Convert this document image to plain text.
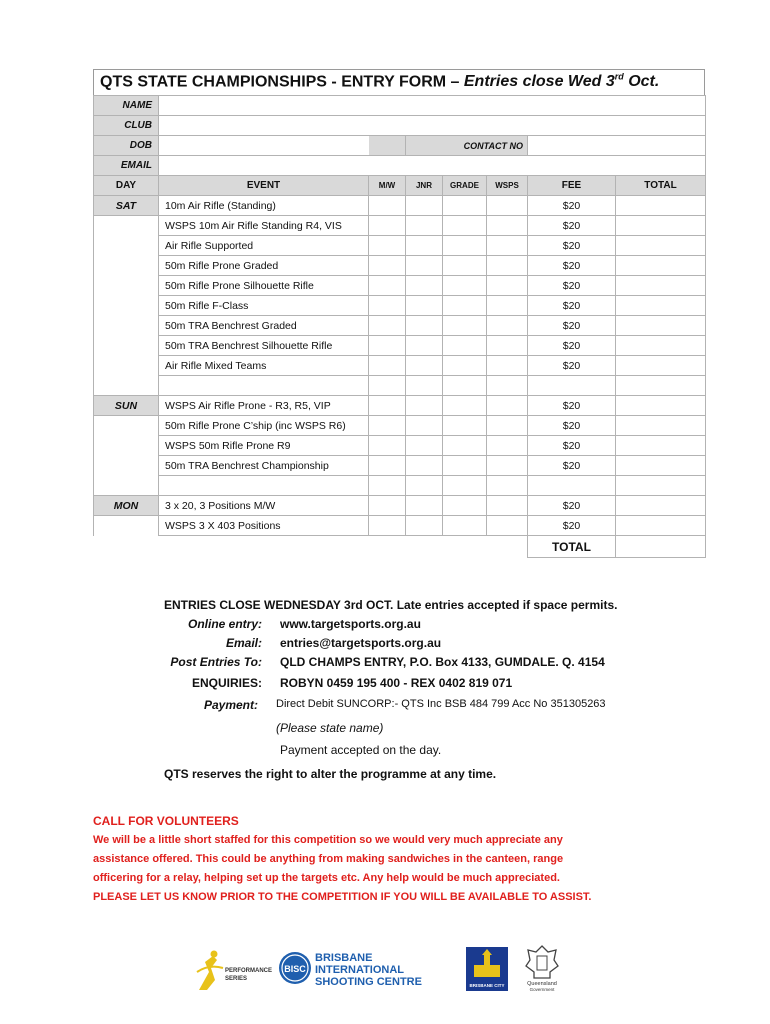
QTS STATE CHAMPIONSHIPS - ENTRY FORM – Entries close Wed 3rd Oct.
NAME							
CLUB							
DOB			CONTACT NO				
EMAIL							
DAY	EVENT	M/W	JNR	GRADE	WSPS	FEE	TOTAL
SAT	10m Air Rifle (Standing)					$20	
	WSPS 10m Air Rifle Standing R4, VIS					$20	
	Air Rifle Supported					$20	
	50m Rifle Prone Graded					$20	
	50m Rifle Prone Silhouette Rifle					$20	
	50m Rifle F-Class					$20	
	50m TRA Benchrest Graded					$20	
	50m TRA Benchrest Silhouette Rifle					$20	
	Air Rifle Mixed Teams					$20	

SUN	WSPS Air Rifle Prone - R3, R5, VIP					$20	
	50m Rifle Prone C’ship (inc WSPS R6)					$20	
	WSPS 50m Rifle Prone R9					$20	
	50m TRA Benchrest Championship					$20	

MON	3 x 20, 3 Positions M/W					$20	
	WSPS 3 X 403 Positions					$20	
						TOTAL	
ENTRIES CLOSE WEDNESDAY 3rd OCT. Late entries accepted if space permits.
Online entry: www.targetsports.org.au
Email: entries@targetsports.org.au
Post Entries To: QLD CHAMPS ENTRY, P.O. Box 4133, GUMDALE. Q. 4154
ENQUIRIES: ROBYN 0459 195 400 - REX 0402 819 071
Payment: Direct Debit SUNCORP:- QTS Inc BSB 484 799 Acc No 351305263
(Please state name)
Payment accepted on the day.
QTS reserves the right to alter the programme at any time.
CALL FOR VOLUNTEERS
We will be a little short staffed for this competition so we would very much appreciate any
assistance offered. This could be anything from making sandwiches in the canteen, range
officering for a relay, helping set up the targets etc. Any help would be much appreciated.
PLEASE LET US KNOW PRIOR TO THE COMPETITION IF YOU WILL BE AVAILABLE TO ASSIST.
PERFORMANCE
SERIES
BISC
BRISBANE
INTERNATIONAL
SHOOTING CENTRE	BRISBANE CITY	Queensland
Government
